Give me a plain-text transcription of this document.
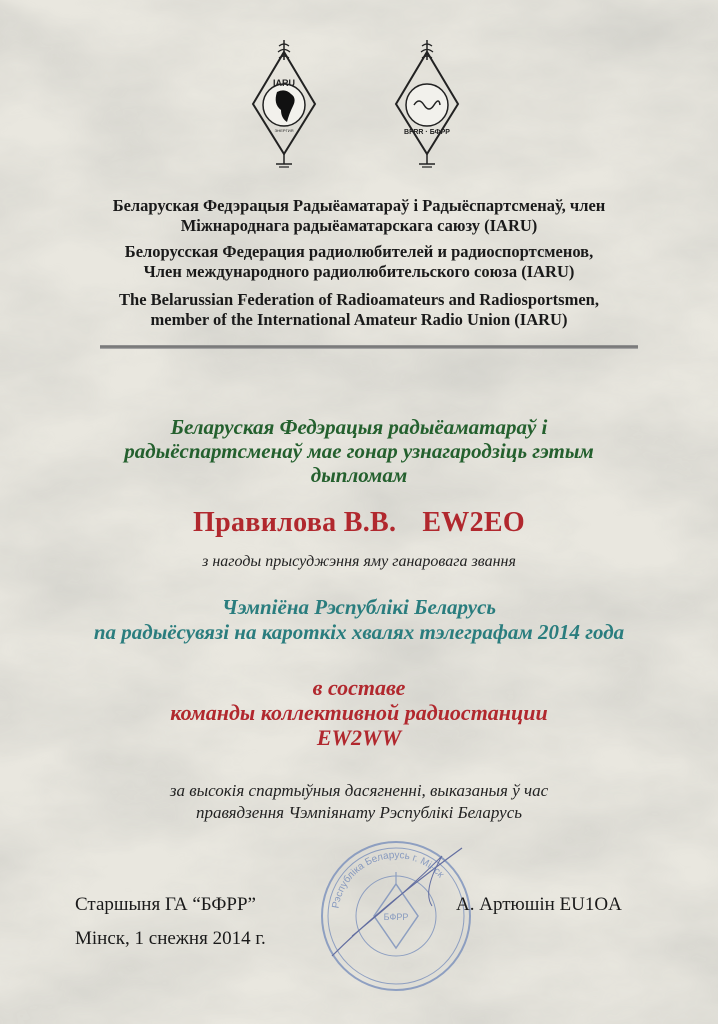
IARU
ЭНЕРГИЯ	BFRR · БФРР
Беларуская Федэрацыя Радыёаматараў і Радыёспартсменаў, член
Міжнароднага радыёаматарскага саюзу (IARU)
Белорусская Федерация радиолюбителей и радиоспортсменов,
Член международного радиолюбительского союза (IARU)
The Belarussian Federation of Radioamateurs and Radiosportsmen,
member of the International Amateur Radio Union (IARU)
Беларуская Федэрацыя радыёаматараў і
радыёспартсменаў мае гонар узнагародзіць гэтым
дыпломам
Правилова В.В. EW2EO
з нагоды прысуджэння яму ганаровага звання
Чэмпіёна Рэспублікі Беларусь
па радыёсувязі на кароткіх хвалях тэлеграфам 2014 года
в составе
команды коллективной радиостанции
EW2WW
за высокія спартыўныя дасягненні, выказаныя ў час
правядзення Чэмпіянату Рэспублікі Беларусь
Рэспубліка Беларусь г. Мінск
БФРР
Старшыня ГА “БФРР”	А. Артюшін EU1OA
Мінск, 1 снежня 2014 г.
